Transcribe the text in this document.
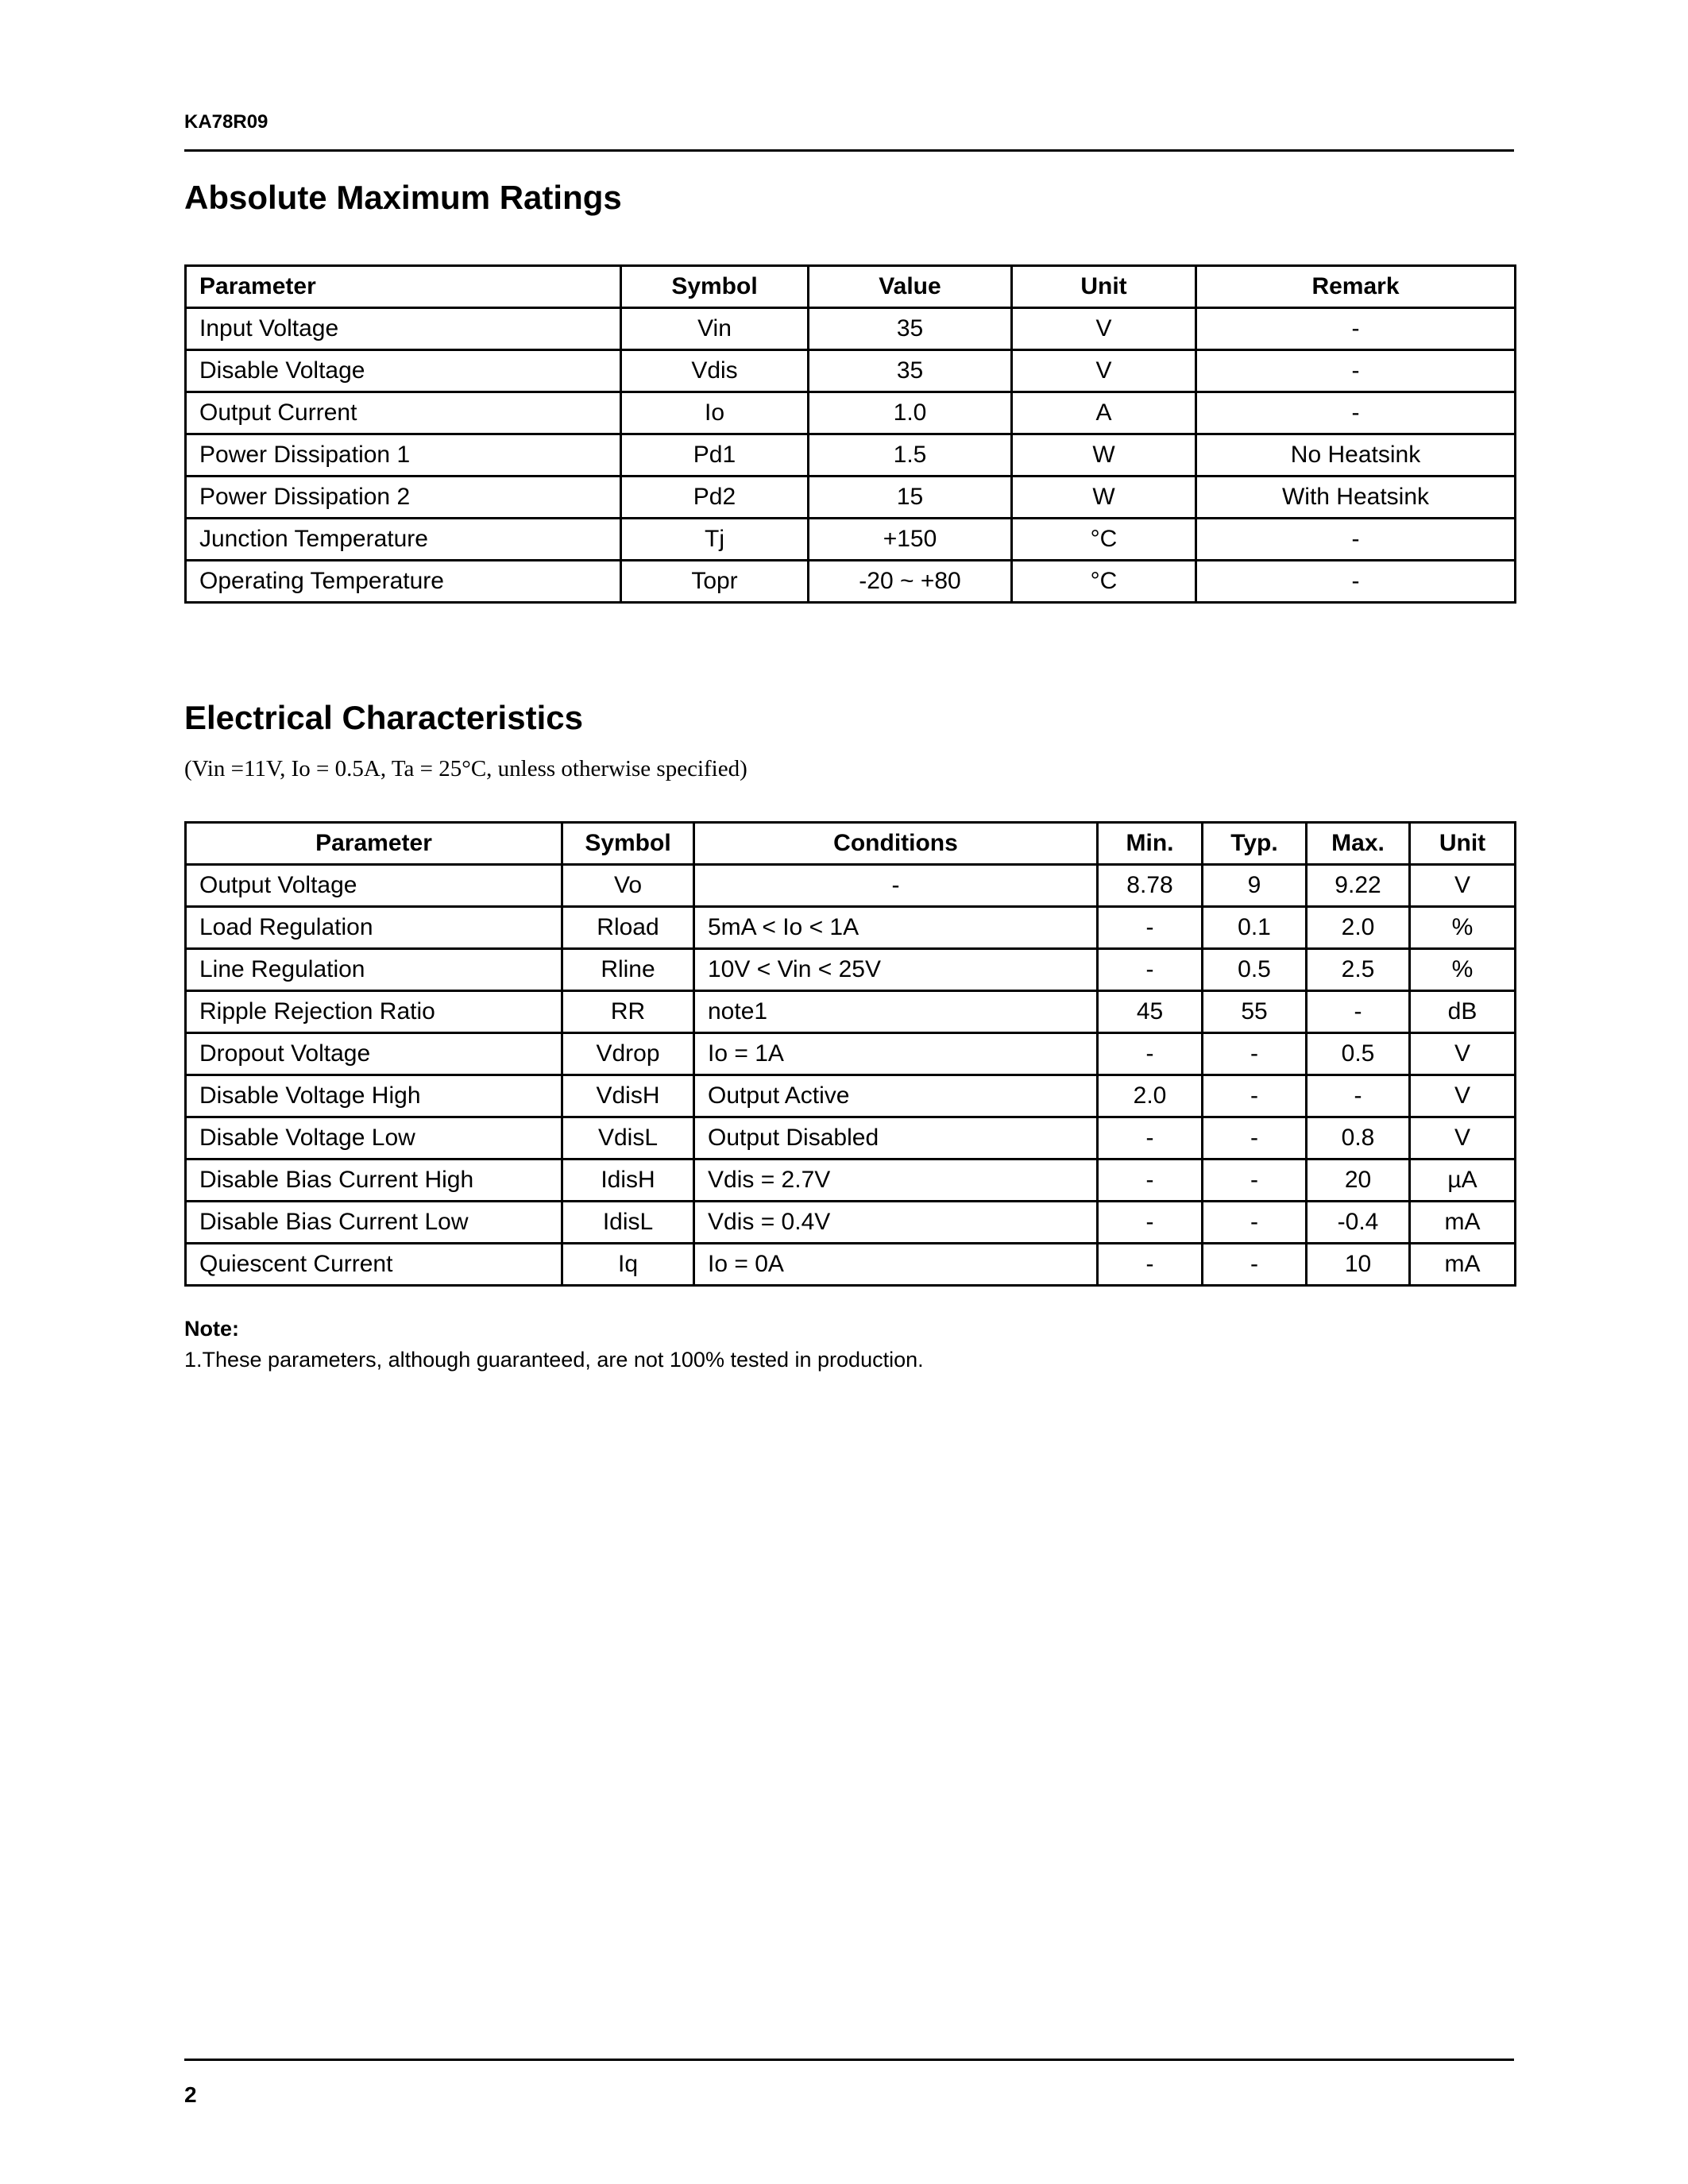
KA78R09
Absolute Maximum Ratings
Parameter	Symbol	Value	Unit	Remark
Input Voltage	Vin	35	V	-
Disable Voltage	Vdis	35	V	-
Output Current	Io	1.0	A	-
Power Dissipation 1	Pd1	1.5	W	No Heatsink
Power Dissipation 2	Pd2	15	W	With Heatsink
Junction Temperature	Tj	+150	°C	-
Operating Temperature	Topr	-20 ~ +80	°C	-
Electrical Characteristics
(Vin =11V, Io = 0.5A, Ta = 25°C, unless otherwise specified)
Parameter	Symbol	Conditions	Min.	Typ.	Max.	Unit
Output Voltage	Vo	-	8.78	9	9.22	V
Load Regulation	Rload	5mA < Io < 1A	-	0.1	2.0	%
Line Regulation	Rline	10V < Vin < 25V	-	0.5	2.5	%
Ripple Rejection Ratio	RR	note1	45	55	-	dB
Dropout Voltage	Vdrop	Io = 1A	-	-	0.5	V
Disable Voltage High	VdisH	Output Active	2.0	-	-	V
Disable Voltage Low	VdisL	Output Disabled	-	-	0.8	V
Disable Bias Current High	IdisH	Vdis = 2.7V	-	-	20	µA
Disable Bias Current Low	IdisL	Vdis = 0.4V	-	-	-0.4	mA
Quiescent Current	Iq	Io = 0A	-	-	10	mA
Note:
1.These parameters, although guaranteed, are not 100% tested in production.
2
